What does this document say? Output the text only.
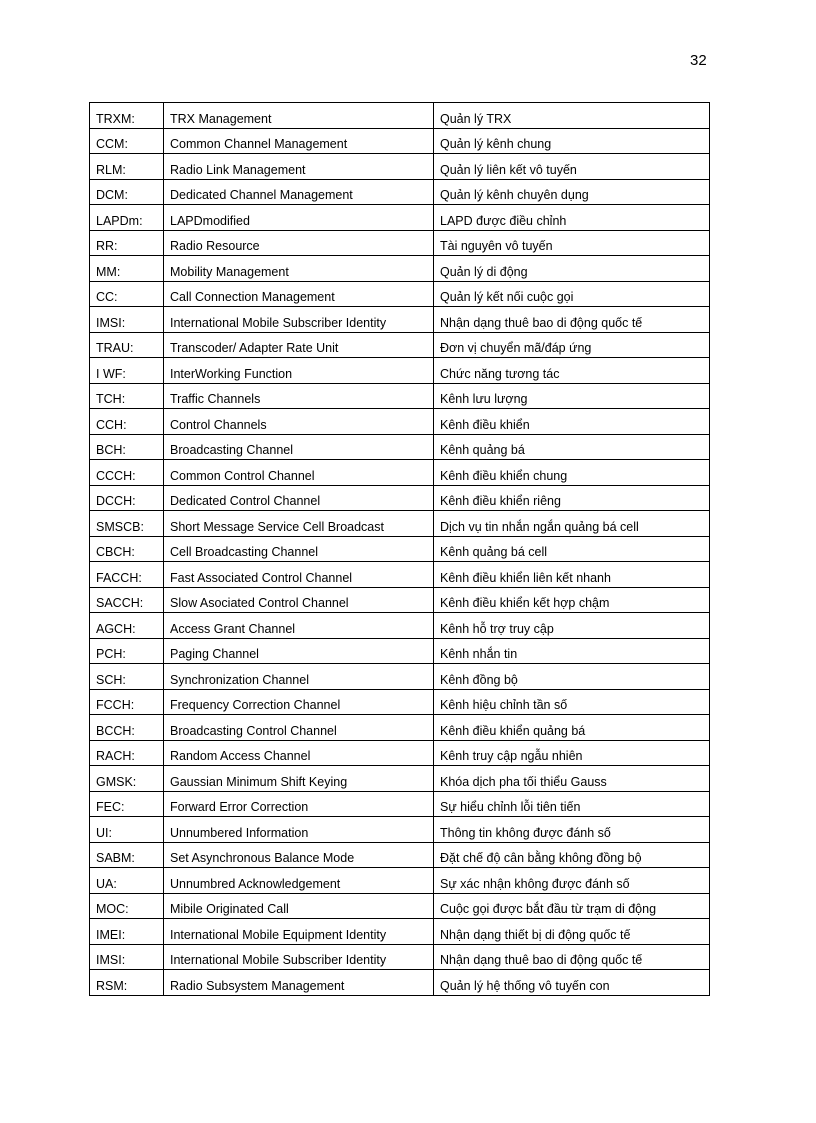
32
TRXM:	TRX Management	Quản lý TRX
CCM:	Common Channel Management	Quản lý kênh chung
RLM:	Radio Link Management	Quản lý liên kết vô tuyến
DCM:	Dedicated Channel Management	Quản lý kênh chuyên dụng
LAPDm:	LAPDmodified	LAPD được điều chỉnh
RR:	Radio Resource	Tài nguyên vô tuyến
MM:	Mobility Management	Quản lý di động
CC:	Call Connection Management	Quản lý kết nối cuộc gọi
IMSI:	International Mobile Subscriber Identity	Nhận dạng thuê bao di động quốc tế
TRAU:	Transcoder/ Adapter Rate Unit	Đơn vị chuyển mã/đáp ứng
I WF:	InterWorking Function	Chức năng tương tác
TCH:	Traffic Channels	Kênh lưu lượng
CCH:	Control Channels	Kênh điều khiển
BCH:	Broadcasting Channel	Kênh quảng bá
CCCH:	Common Control Channel	Kênh điều khiển chung
DCCH:	Dedicated Control Channel	Kênh điều khiển riêng
SMSCB:	Short Message Service Cell Broadcast	Dịch vụ tin nhắn ngắn quảng bá cell
CBCH:	Cell Broadcasting Channel	Kênh quảng bá cell
FACCH:	Fast Associated Control Channel	Kênh điều khiển liên kết nhanh
SACCH:	Slow Asociated Control Channel	Kênh điều khiển kết hợp chậm
AGCH:	Access Grant Channel	Kênh hỗ trợ truy cập
PCH:	Paging Channel	Kênh nhắn tin
SCH:	Synchronization Channel	Kênh đồng bộ
FCCH:	Frequency Correction Channel	Kênh hiệu chỉnh tần số
BCCH:	Broadcasting Control Channel	Kênh điều khiển quảng bá
RACH:	Random Access Channel	Kênh truy cập ngẫu nhiên
GMSK:	Gaussian Minimum Shift Keying	Khóa dịch pha tối thiểu Gauss
FEC:	Forward Error Correction	Sự hiểu chỉnh lỗi tiên tiến
UI:	Unnumbered Information	Thông tin không được đánh số
SABM:	Set Asynchronous Balance Mode	Đặt chế độ cân bằng không đồng bộ
UA:	Unnumbred Acknowledgement	Sự xác nhận không được đánh số
MOC:	Mibile Originated Call	Cuộc gọi được bắt đầu từ trạm di động
IMEI:	International Mobile Equipment Identity	Nhận dạng thiết bị di động quốc tế
IMSI:	International Mobile Subscriber Identity	Nhận dạng thuê bao di động quốc tế
RSM:	Radio Subsystem Management	Quản lý hệ thống vô tuyến con
